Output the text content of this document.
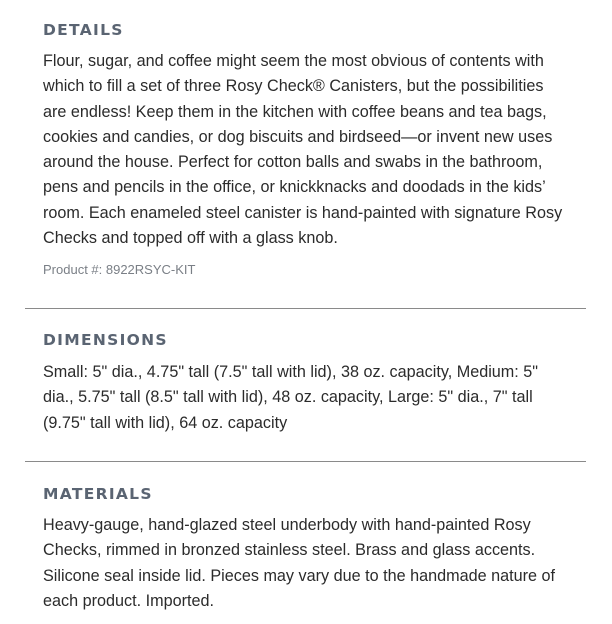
DETAILS

Flour, sugar, and coffee might seem the most obvious of contents with which to fill a set of three Rosy Check® Canisters, but the possibilities are endless! Keep them in the kitchen with coffee beans and tea bags, cookies and candies, or dog biscuits and birdseed—or invent new uses around the house. Perfect for cotton balls and swabs in the bathroom, pens and pencils in the office, or knickknacks and doodads in the kids’ room. Each enameled steel canister is hand-painted with signature Rosy Checks and topped off with a glass knob.

Product #: 8922RSYC-KIT

DIMENSIONS

Small: 5" dia., 4.75" tall (7.5" tall with lid), 38 oz. capacity, Medium: 5" dia., 5.75" tall (8.5" tall with lid), 48 oz. capacity, Large: 5" dia., 7" tall (9.75" tall with lid), 64 oz. capacity

MATERIALS

Heavy-gauge, hand-glazed steel underbody with hand-painted Rosy Checks, rimmed in bronzed stainless steel. Brass and glass accents. Silicone seal inside lid. Pieces may vary due to the handmade nature of each product. Imported.
